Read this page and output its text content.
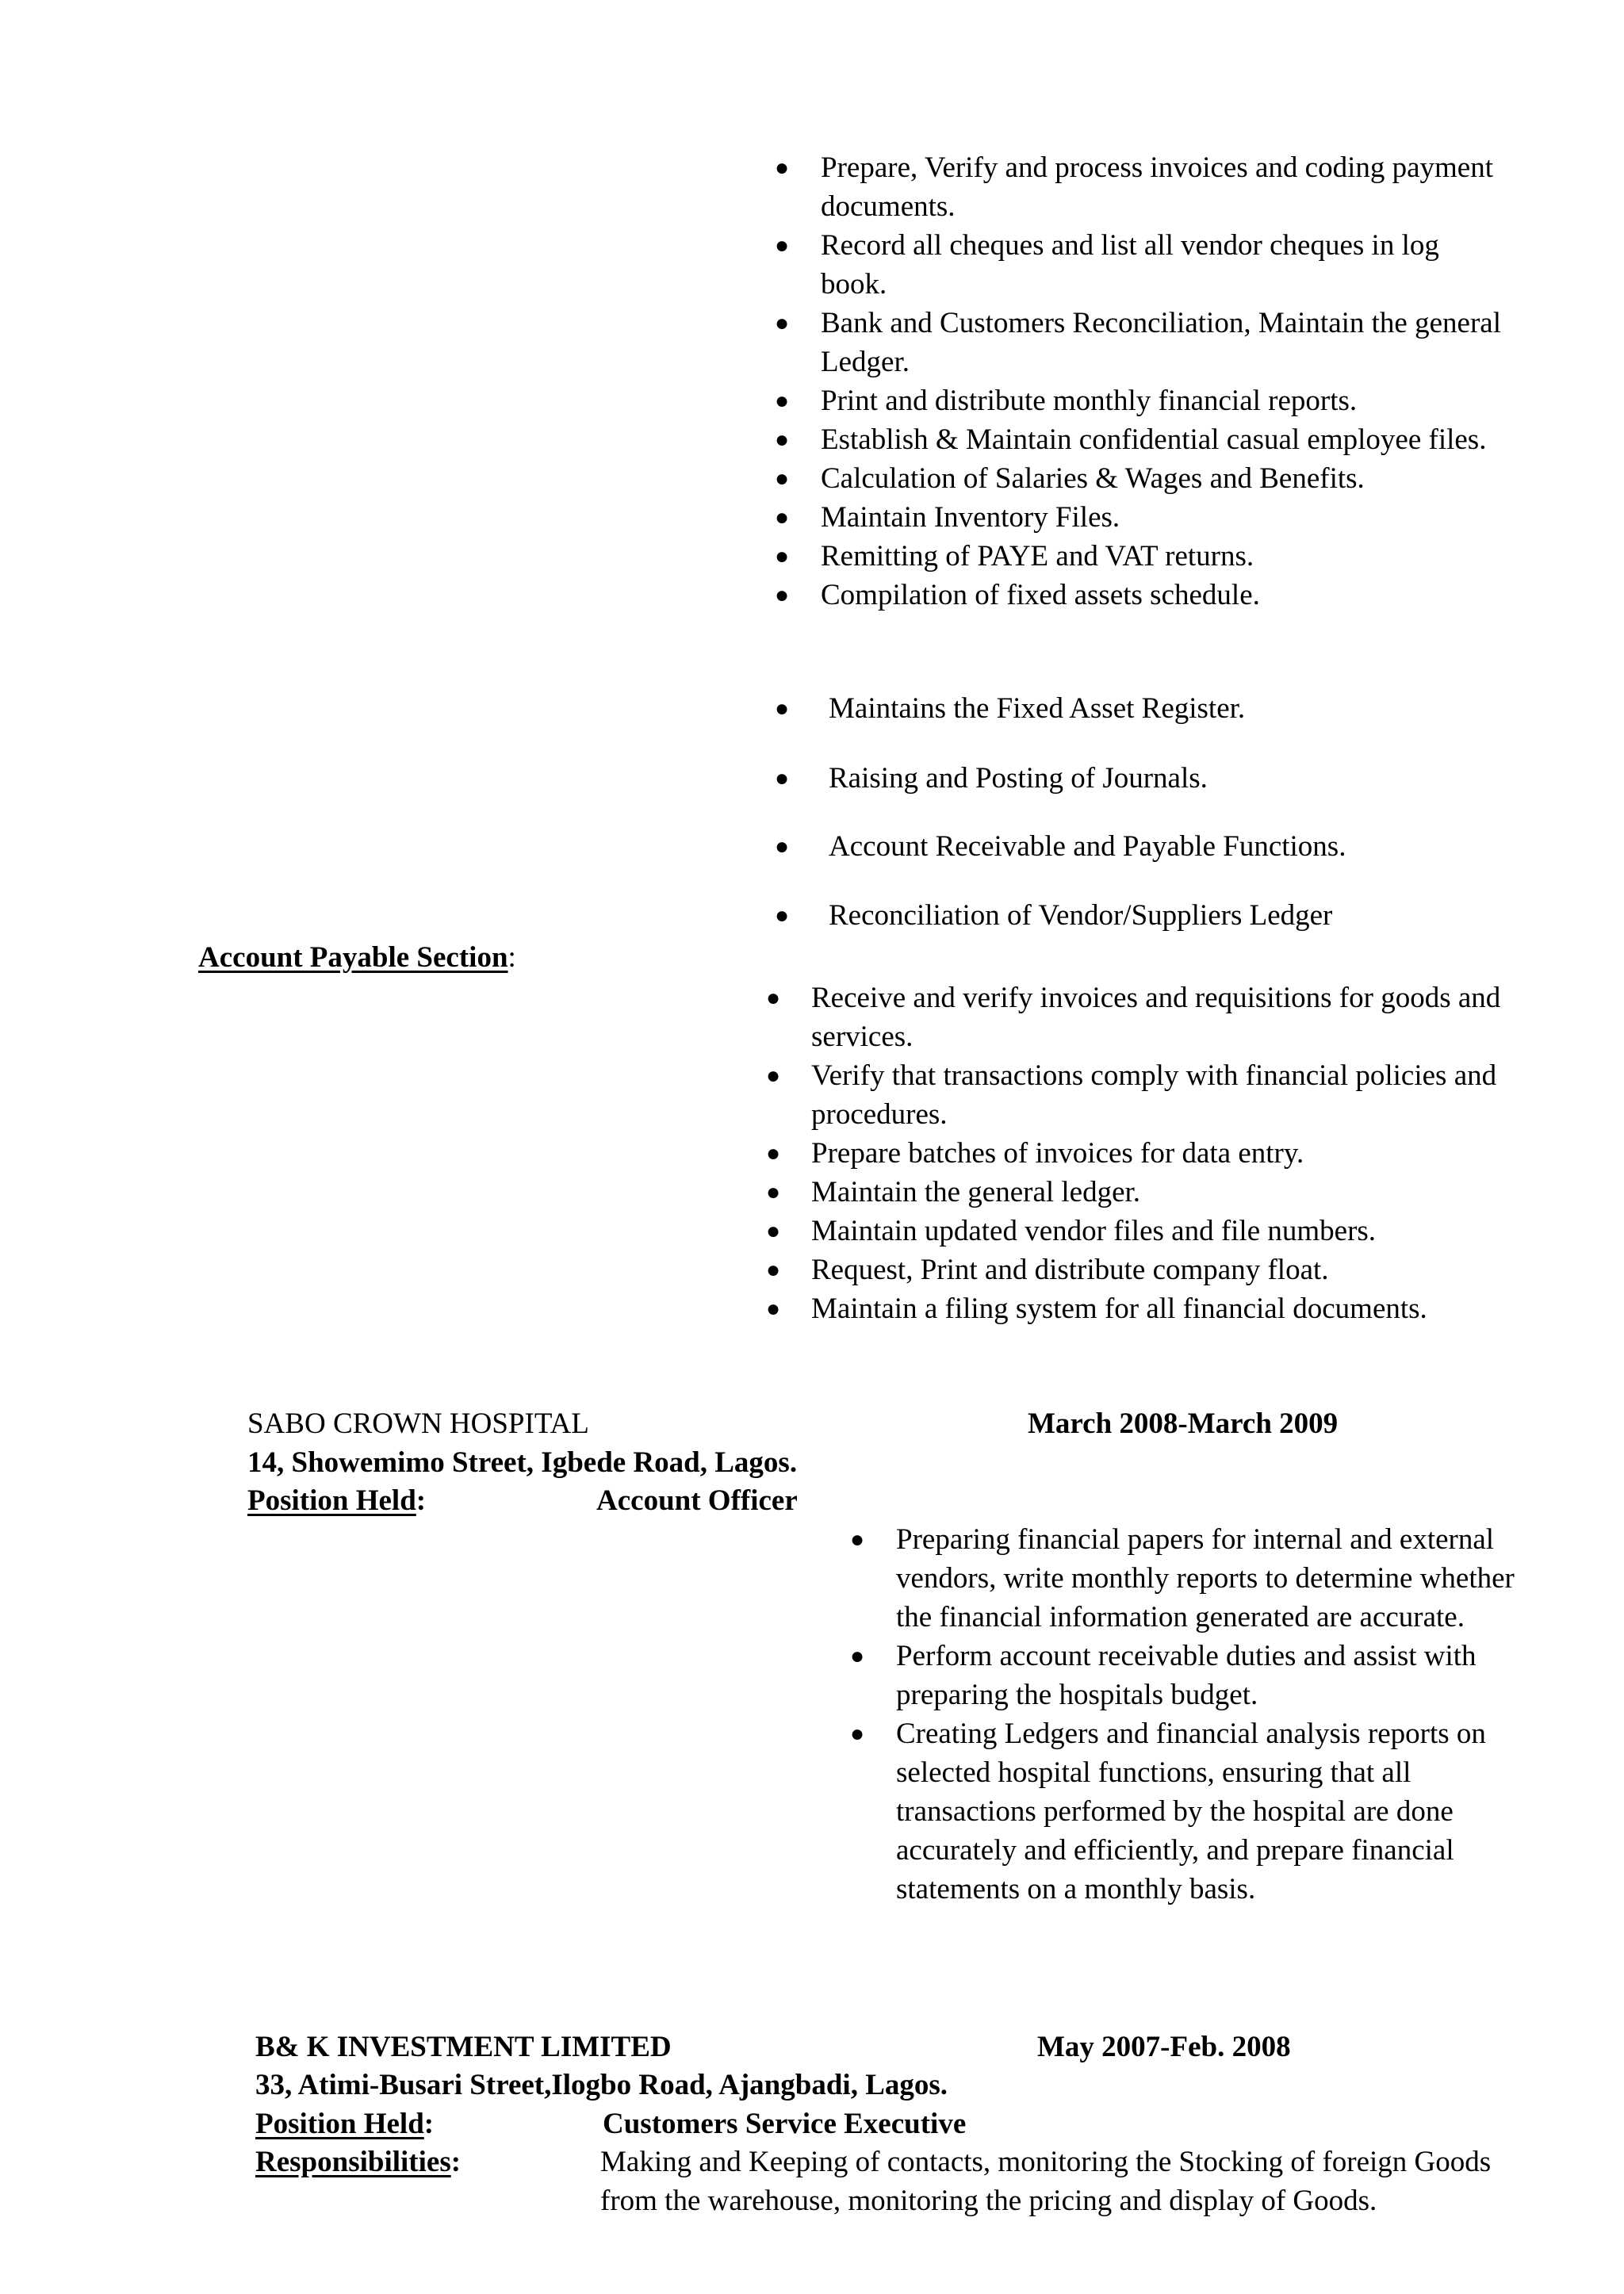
● Prepare, Verify and process invoices and coding payment documents.
● Record all cheques and list all vendor cheques in log book.
● Bank and Customers Reconciliation, Maintain the general Ledger.
● Print and distribute monthly financial reports.
● Establish & Maintain confidential casual employee files.
● Calculation of Salaries & Wages and Benefits.
● Maintain Inventory Files.
● Remitting of PAYE and VAT returns.
● Compilation of fixed assets schedule.
● Maintains the Fixed Asset Register.
● Raising and Posting of Journals.
● Account Receivable and Payable Functions.
● Reconciliation of Vendor/Suppliers Ledger
Account Payable Section:
● Receive and verify invoices and requisitions for goods and services.
● Verify that transactions comply with financial policies and procedures.
● Prepare batches of invoices for data entry.
● Maintain the general ledger.
● Maintain updated vendor files and file numbers.
● Request, Print and distribute company float.
● Maintain a filing system for all financial documents.
SABO CROWN HOSPITAL	March 2008-March 2009
14, Showemimo Street, Igbede Road, Lagos.
Position Held:	Account Officer
● Preparing financial papers for internal and external vendors, write monthly reports to determine whether the financial information generated are accurate.
● Perform account receivable duties and assist with preparing the hospitals budget.
● Creating Ledgers and financial analysis reports on selected hospital functions, ensuring that all transactions performed by the hospital are done accurately and efficiently, and prepare financial statements on a monthly basis.
B& K INVESTMENT LIMITED	May 2007-Feb. 2008
33, Atimi-Busari Street,Ilogbo Road, Ajangbadi, Lagos.
Position Held:	Customers Service Executive
Responsibilities:	Making and Keeping of contacts, monitoring the Stocking of foreign Goods from the warehouse, monitoring the pricing and display of Goods.
